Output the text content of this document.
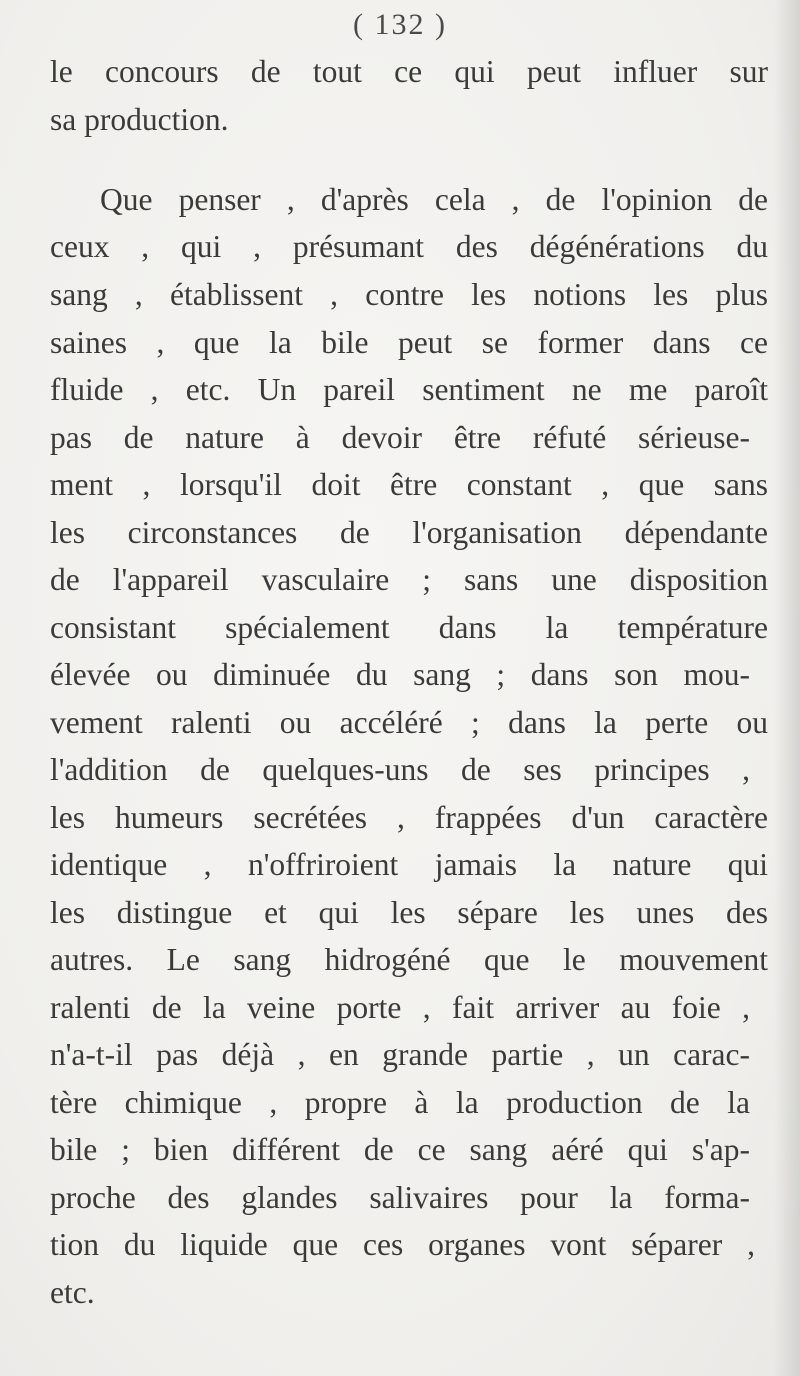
( 132 )
le concours de tout ce qui peut influer sur
sa production.
Que penser , d'après cela , de l'opinion de
ceux , qui , présumant des dégénérations du
sang , établissent , contre les notions les plus
saines , que la bile peut se former dans ce
fluide , etc. Un pareil sentiment ne me paroît
pas de nature à devoir être réfuté sérieuse-
ment , lorsqu'il doit être constant , que sans
les circonstances de l'organisation dépendante
de l'appareil vasculaire ; sans une disposition
consistant spécialement dans la température
élevée ou diminuée du sang ; dans son mou-
vement ralenti ou accéléré ; dans la perte ou
l'addition de quelques-uns de ses principes ,
les humeurs secrétées , frappées d'un caractère
identique , n'offriroient jamais la nature qui
les distingue et qui les sépare les unes des
autres. Le sang hidrogéné que le mouvement
ralenti de la veine porte , fait arriver au foie ,
n'a-t-il pas déjà , en grande partie , un carac-
tère chimique , propre à la production de la
bile ; bien différent de ce sang aéré qui s'ap-
proche des glandes salivaires pour la forma-
tion du liquide que ces organes vont séparer ,
etc.
